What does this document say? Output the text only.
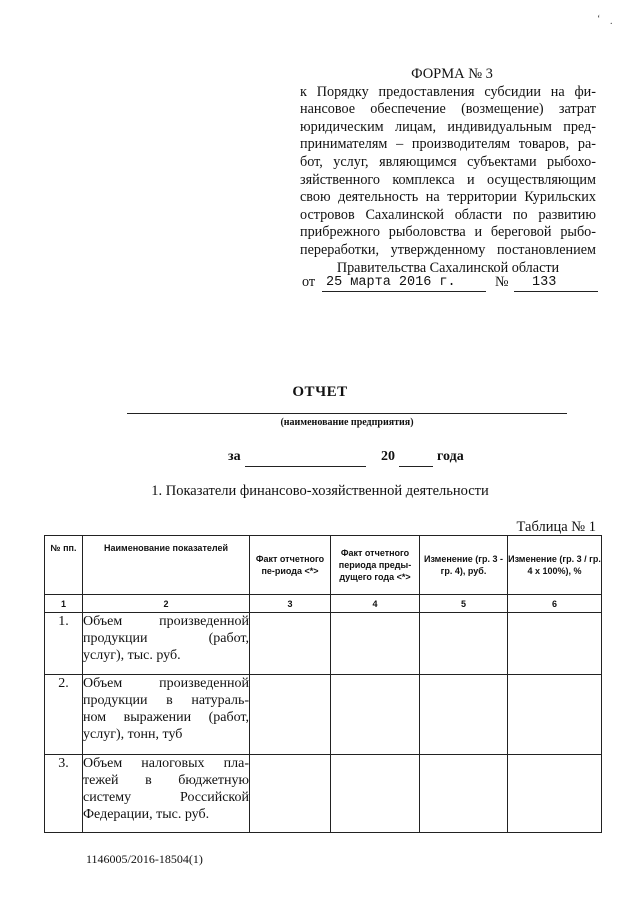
‘ .
ФОРМА № 3
к Порядку предоставления субсидии на фи-
нансовое обеспечение (возмещение) затрат
юридическим лицам, индивидуальным пред-
принимателям – производителям товаров, ра-
бот, услуг, являющимся субъектами рыбохо-
зяйственного комплекса и осуществляющим
свою деятельность на территории Курильских
островов Сахалинской области по развитию
прибрежного рыболовства и береговой рыбо-
переработки, утвержденному постановлением
Правительства Сахалинской области
от 25 марта 2016 г.	№ 133
ОТЧЕТ
(наименование предприятия)
за	20	года
1. Показатели финансово-хозяйственной деятельности
Таблица № 1
№ пп.	Наименование показателей	Факт отчетного пе-риода <*>	Факт отчетного периода преды-дущего года <*>	Изменение (гр. 3 - гр. 4), руб.	Изменение (гр. 3 / гр. 4 х 100%), %
1	2	3	4	5	6
1.	Объем произведенной
продукции (работ,
услуг), тыс. руб.				

2.	Объем произведенной
продукции в натураль-
ном выражении (работ,
услуг), тонн, туб				

3.	Объем налоговых пла-
тежей в бюджетную
систему Российской
Федерации, тыс. руб.				

1146005/2016-18504(1)
